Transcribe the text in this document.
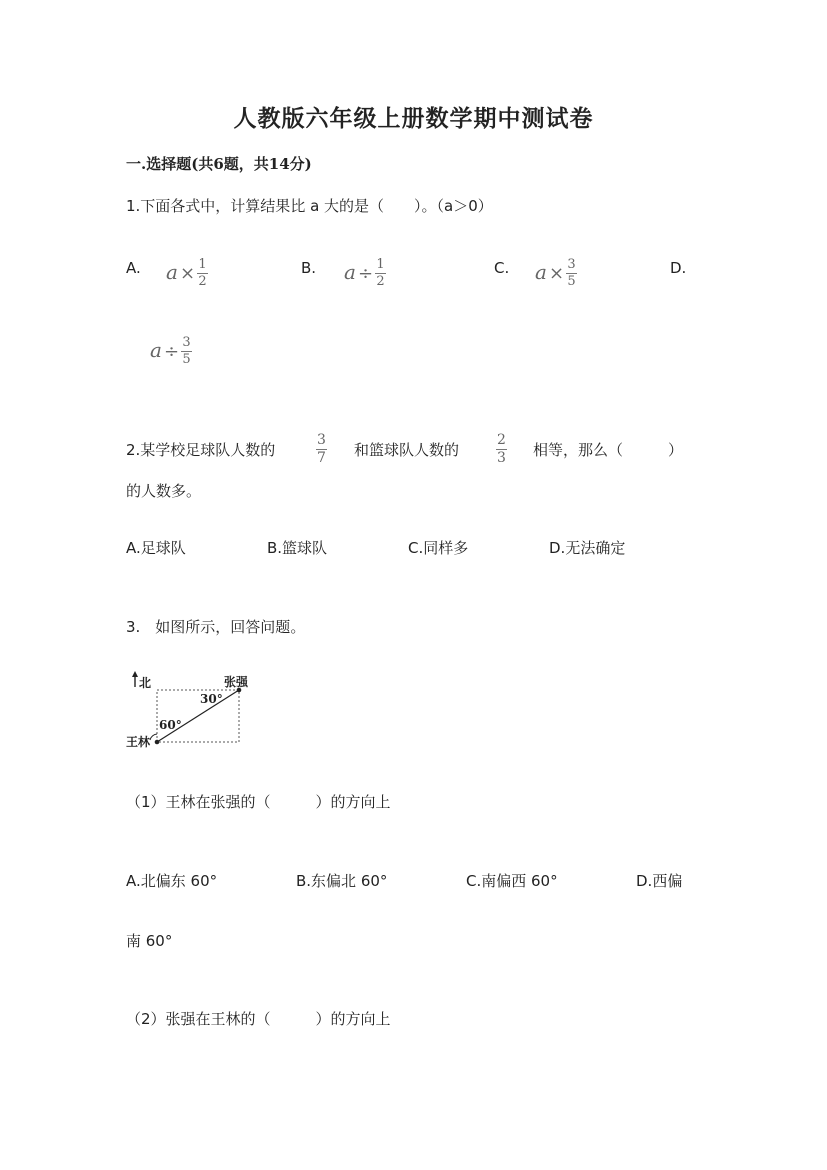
人教版六年级上册数学期中测试卷
一.选择题(共6题，共14分)
1.下面各式中，计算结果比 a 大的是（　　）。（a＞0）
A. $a \times \frac{1}{2}$	B. $a \div \frac{1}{2}$	C. $a \times \frac{3}{5}$	D.
$a \div \frac{3}{5}$
2.某学校足球队人数的
3
7 和篮球队人数的
2
3 相等，那么（　　　）
的人数多。
A.足球队	B.篮球队	C.同样多	D.无法确定
3.　如图所示，回答问题。
北	张强
30°
60°
王林
（1）王林在张强的（　　　）的方向上
A.北偏东 60°	B.东偏北 60°	C.南偏西 60°	D.西偏
南 60°
（2）张强在王林的（　　　）的方向上
